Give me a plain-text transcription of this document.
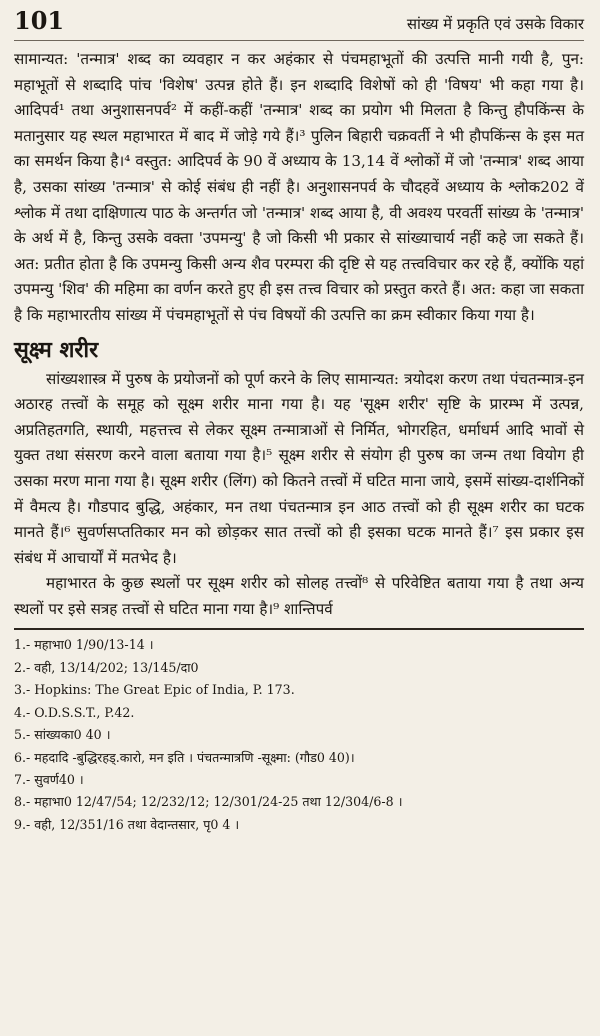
101	सांख्य में प्रकृति एवं उसके विकार

सामान्यत: 'तन्मात्र' शब्द का व्यवहार न कर अहंकार से पंचमहाभूतों की उत्पत्ति मानी गयी है, पुन: महाभूतों से शब्दादि पांच 'विशेष' उत्पन्न होते हैं। इन शब्दादि विशेषों को ही 'विषय' भी कहा गया है। आदिपर्व¹ तथा अनुशासनपर्व² में कहीं-कहीं 'तन्मात्र' शब्द का प्रयोग भी मिलता है किन्तु हौपकिंन्स के मतानुसार यह स्थल महाभारत में बाद में जोड़े गये हैं।³ पुलिन बिहारी चक्रवर्ती ने भी हौपकिंन्स के इस मत का समर्थन किया है।⁴ वस्तुत: आदिपर्व के 90 वें अध्याय के 13,14 वें श्लोकों में जो 'तन्मात्र' शब्द आया है, उसका सांख्य 'तन्मात्र' से कोई संबंध ही नहीं है। अनुशासनपर्व के चौदहवें अध्याय के श्लोक202 वें श्लोक में तथा दाक्षिणात्य पाठ के अन्तर्गत जो 'तन्मात्र' शब्द आया है, वी अवश्य परवर्ती सांख्य के 'तन्मात्र' के अर्थ में है, किन्तु उसके वक्ता 'उपमन्यु' है जो किसी भी प्रकार से सांख्याचार्य नहीं कहे जा सकते हैं। अत: प्रतीत होता है कि उपमन्यु किसी अन्य शैव परम्परा की दृष्टि से यह तत्त्वविचार कर रहे हैं, क्योंकि यहां उपमन्यु 'शिव' की महिमा का वर्णन करते हुए ही इस तत्त्व विचार को प्रस्तुत करते हैं। अत: कहा जा सकता है कि महाभारतीय सांख्य में पंचमहाभूतों से पंच विषयों की उत्पत्ति का क्रम स्वीकार किया गया है।

सूक्ष्म शरीर

सांख्यशास्त्र में पुरुष के प्रयोजनों को पूर्ण करने के लिए सामान्यत: त्रयोदश करण तथा पंचतन्मात्र-इन अठारह तत्त्वों के समूह को सूक्ष्म शरीर माना गया है। यह 'सूक्ष्म शरीर' सृष्टि के प्रारम्भ में उत्पन्न, अप्रतिहतगति, स्थायी, महत्तत्त्व से लेकर सूक्ष्म तन्मात्राओं से निर्मित, भोगरहित, धर्माधर्म आदि भावों से युक्त तथा संसरण करने वाला बताया गया है।⁵ सूक्ष्म शरीर से संयोग ही पुरुष का जन्म तथा वियोग ही उसका मरण माना गया है। सूक्ष्म शरीर (लिंग) को कितने तत्त्वों में घटित माना जाये, इसमें सांख्य-दार्शनिकों में वैमत्य है। गौडपाद बुद्धि, अहंकार, मन तथा पंचतन्मात्र इन आठ तत्त्वों को ही सूक्ष्म शरीर का घटक मानते हैं।⁶ सुवर्णसप्ततिकार मन को छोड़कर सात तत्त्वों को ही इसका घटक मानते हैं।⁷ इस प्रकार इस संबंध में आचार्यों में मतभेद है।

महाभारत के कुछ स्थलों पर सूक्ष्म शरीर को सोलह तत्त्वों⁸ से परिवेष्टित बताया गया है तथा अन्य स्थलों पर इसे सत्रह तत्त्वों से घटित माना गया है।⁹ शान्तिपर्व

1.- महाभा0 1/90/13-14 ।
2.- वही, 13/14/202; 13/145/दा0
3.- Hopkins: The Great Epic of India, P. 173.
4.- O.D.S.S.T., P.42.
5.- सांख्यका0 40 ।
6.- महदादि -बुद्धिरहड्.कारो, मन इति । पंचतन्मात्रणि -सूक्ष्मा: (गौड0 40)।
7.- सुवर्ण40 ।
8.- महाभा0 12/47/54; 12/232/12; 12/301/24-25 तथा 12/304/6-8 ।
9.- वही, 12/351/16 तथा वेदान्तसार, पृ0 4 ।
